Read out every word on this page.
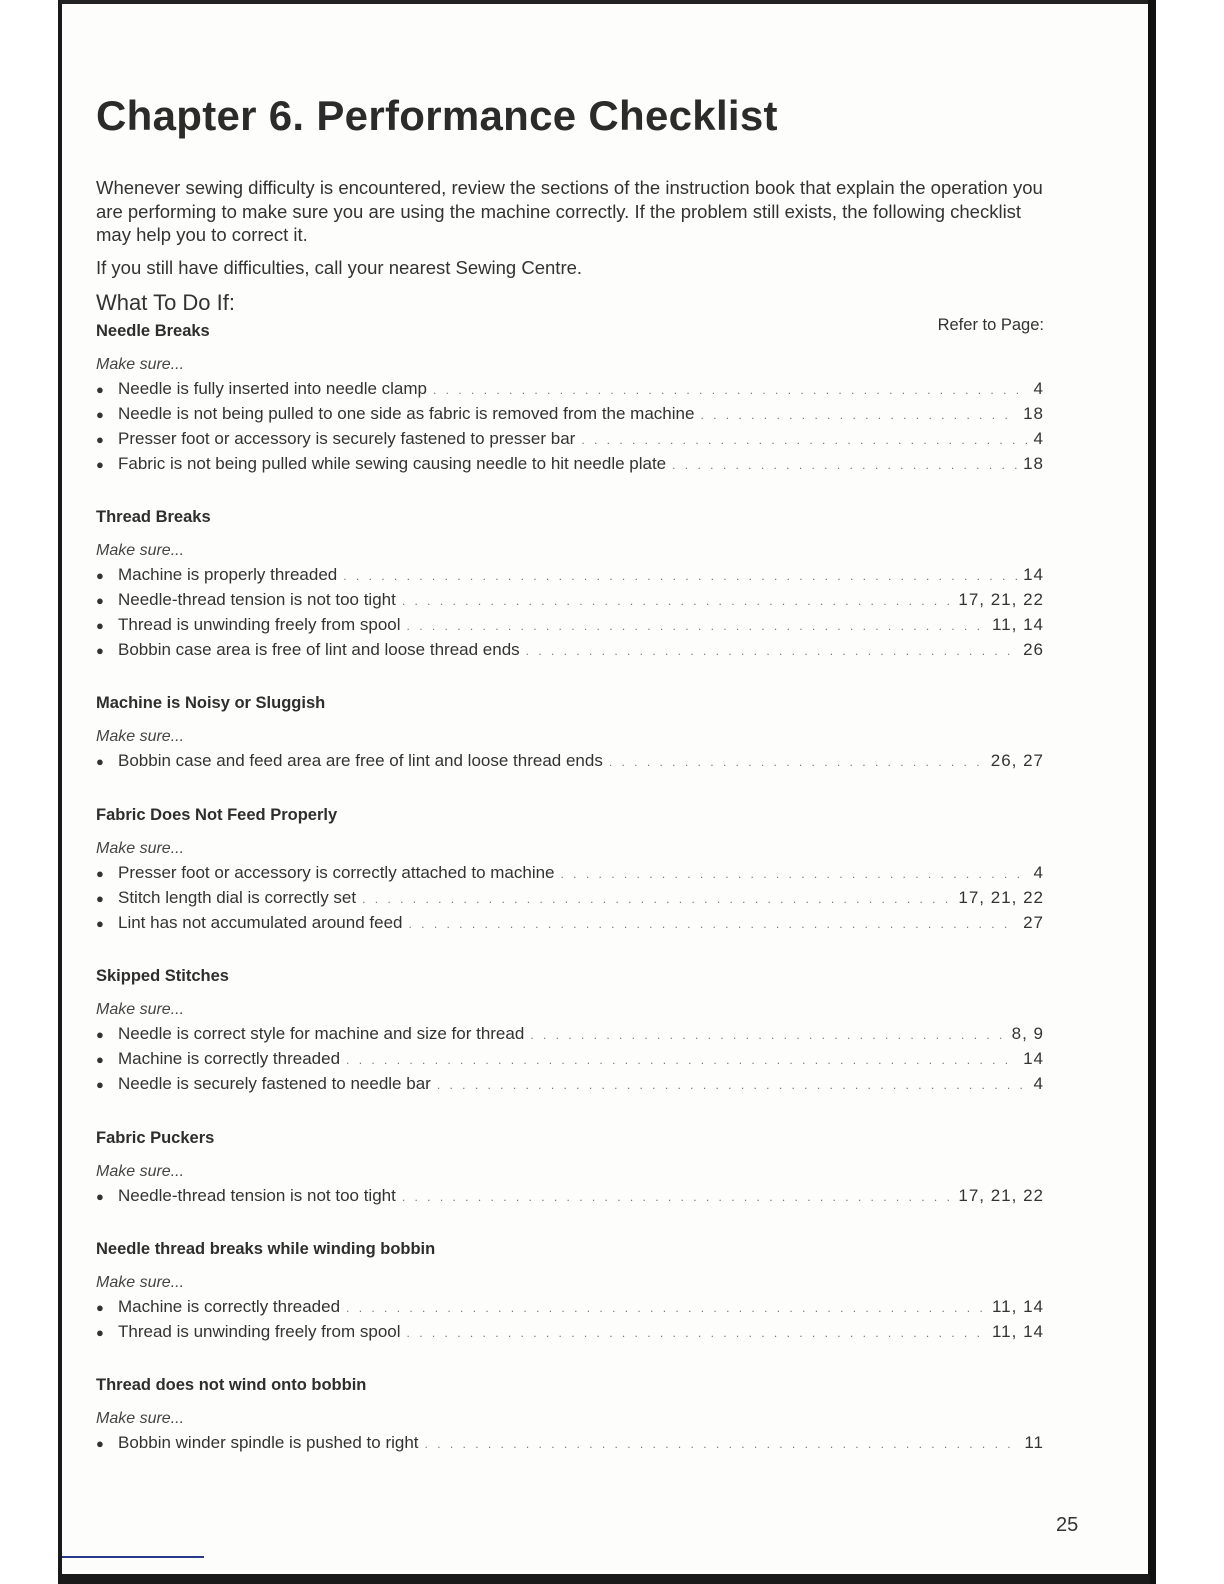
Chapter 6. Performance Checklist

Whenever sewing difficulty is encountered, review the sections of the instruction book that explain the operation you are performing to make sure you are using the machine correctly. If the problem still exists, the following checklist may help you to correct it.

If you still have difficulties, call your nearest Sewing Centre.

What To Do If:
Refer to Page:
Needle Breaks
Make sure...
● Needle is fully inserted into needle clamp . . .	4
● Needle is not being pulled to one side as fabric is removed from the machine . . .	18
● Presser foot or accessory is securely fastened to presser bar . . .	4
● Fabric is not being pulled while sewing causing needle to hit needle plate . . .	18
Thread Breaks
Make sure...
● Machine is properly threaded . . .	14
● Needle-thread tension is not too tight . . .	17, 21, 22
● Thread is unwinding freely from spool . . .	11, 14
● Bobbin case area is free of lint and loose thread ends . . .	26
Machine is Noisy or Sluggish
Make sure...
● Bobbin case and feed area are free of lint and loose thread ends . . .	26, 27
Fabric Does Not Feed Properly
Make sure...
● Presser foot or accessory is correctly attached to machine . . .	4
● Stitch length dial is correctly set . . .	17, 21, 22
● Lint has not accumulated around feed . . .	27
Skipped Stitches
Make sure...
● Needle is correct style for machine and size for thread . . .	8, 9
● Machine is correctly threaded . . .	14
● Needle is securely fastened to needle bar . . .	4
Fabric Puckers
Make sure...
● Needle-thread tension is not too tight . . .	17, 21, 22
Needle thread breaks while winding bobbin
Make sure...
● Machine is correctly threaded . . .	11, 14
● Thread is unwinding freely from spool . . .	11, 14
Thread does not wind onto bobbin
Make sure...
● Bobbin winder spindle is pushed to right . . .	11
25
